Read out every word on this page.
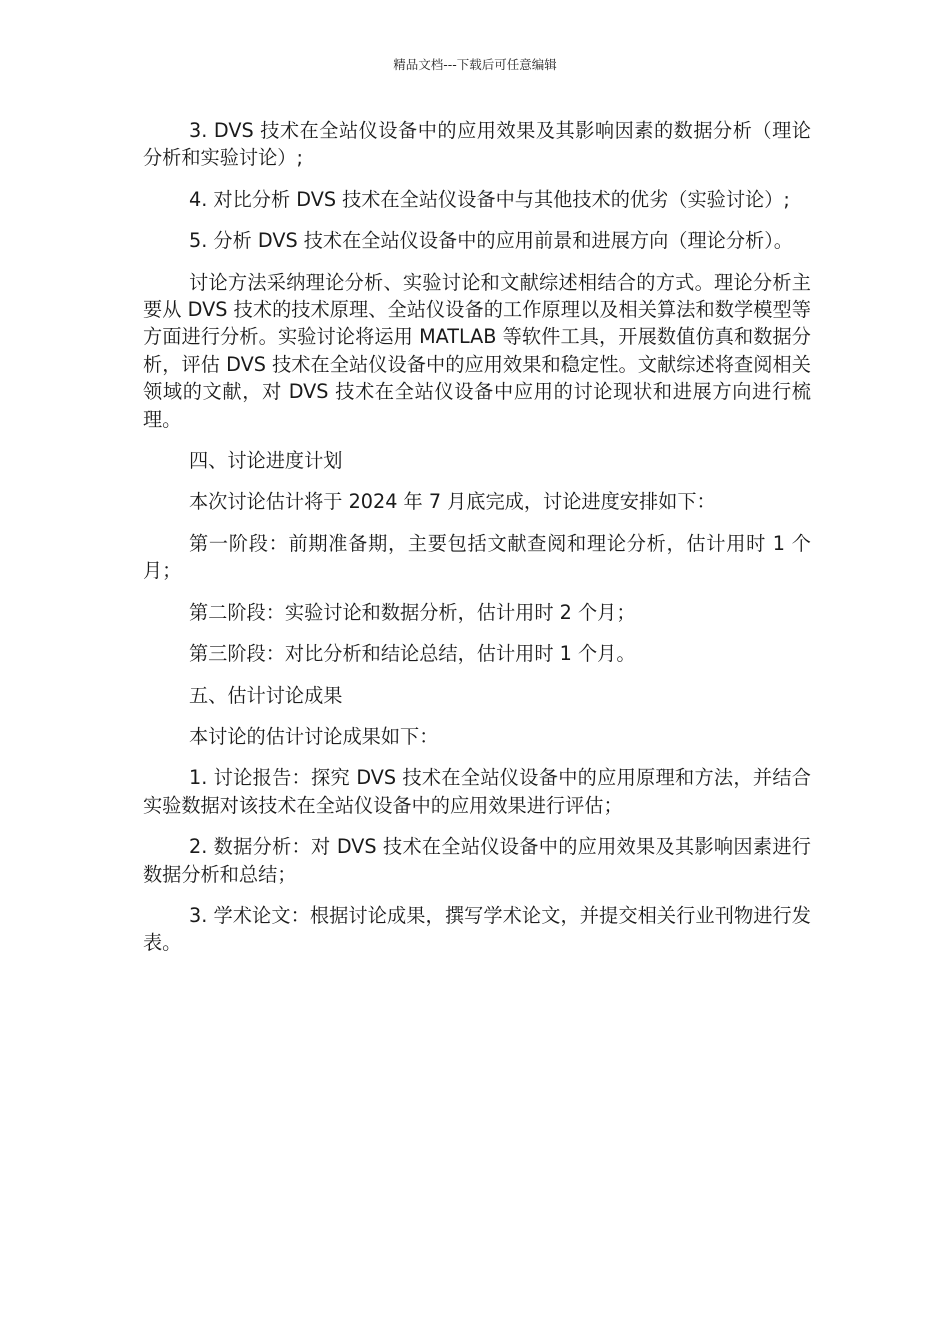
精品文档---下载后可任意编辑

3. DVS 技术在全站仪设备中的应用效果及其影响因素的数据分析（理论分析和实验讨论）;

4. 对比分析 DVS 技术在全站仪设备中与其他技术的优劣（实验讨论）;

5. 分析 DVS 技术在全站仪设备中的应用前景和进展方向（理论分析）。

讨论方法采纳理论分析、实验讨论和文献综述相结合的方式。理论分析主要从 DVS 技术的技术原理、全站仪设备的工作原理以及相关算法和数学模型等方面进行分析。实验讨论将运用 MATLAB 等软件工具，开展数值仿真和数据分析，评估 DVS 技术在全站仪设备中的应用效果和稳定性。文献综述将查阅相关领域的文献，对 DVS 技术在全站仪设备中应用的讨论现状和进展方向进行梳理。

四、讨论进度计划

本次讨论估计将于 2024 年 7 月底完成，讨论进度安排如下：

第一阶段：前期准备期，主要包括文献查阅和理论分析，估计用时 1 个月；

第二阶段：实验讨论和数据分析，估计用时 2 个月；

第三阶段：对比分析和结论总结，估计用时 1 个月。

五、估计讨论成果

本讨论的估计讨论成果如下：

1. 讨论报告：探究 DVS 技术在全站仪设备中的应用原理和方法，并结合实验数据对该技术在全站仪设备中的应用效果进行评估；

2. 数据分析：对 DVS 技术在全站仪设备中的应用效果及其影响因素进行数据分析和总结；

3. 学术论文：根据讨论成果，撰写学术论文，并提交相关行业刊物进行发表。
